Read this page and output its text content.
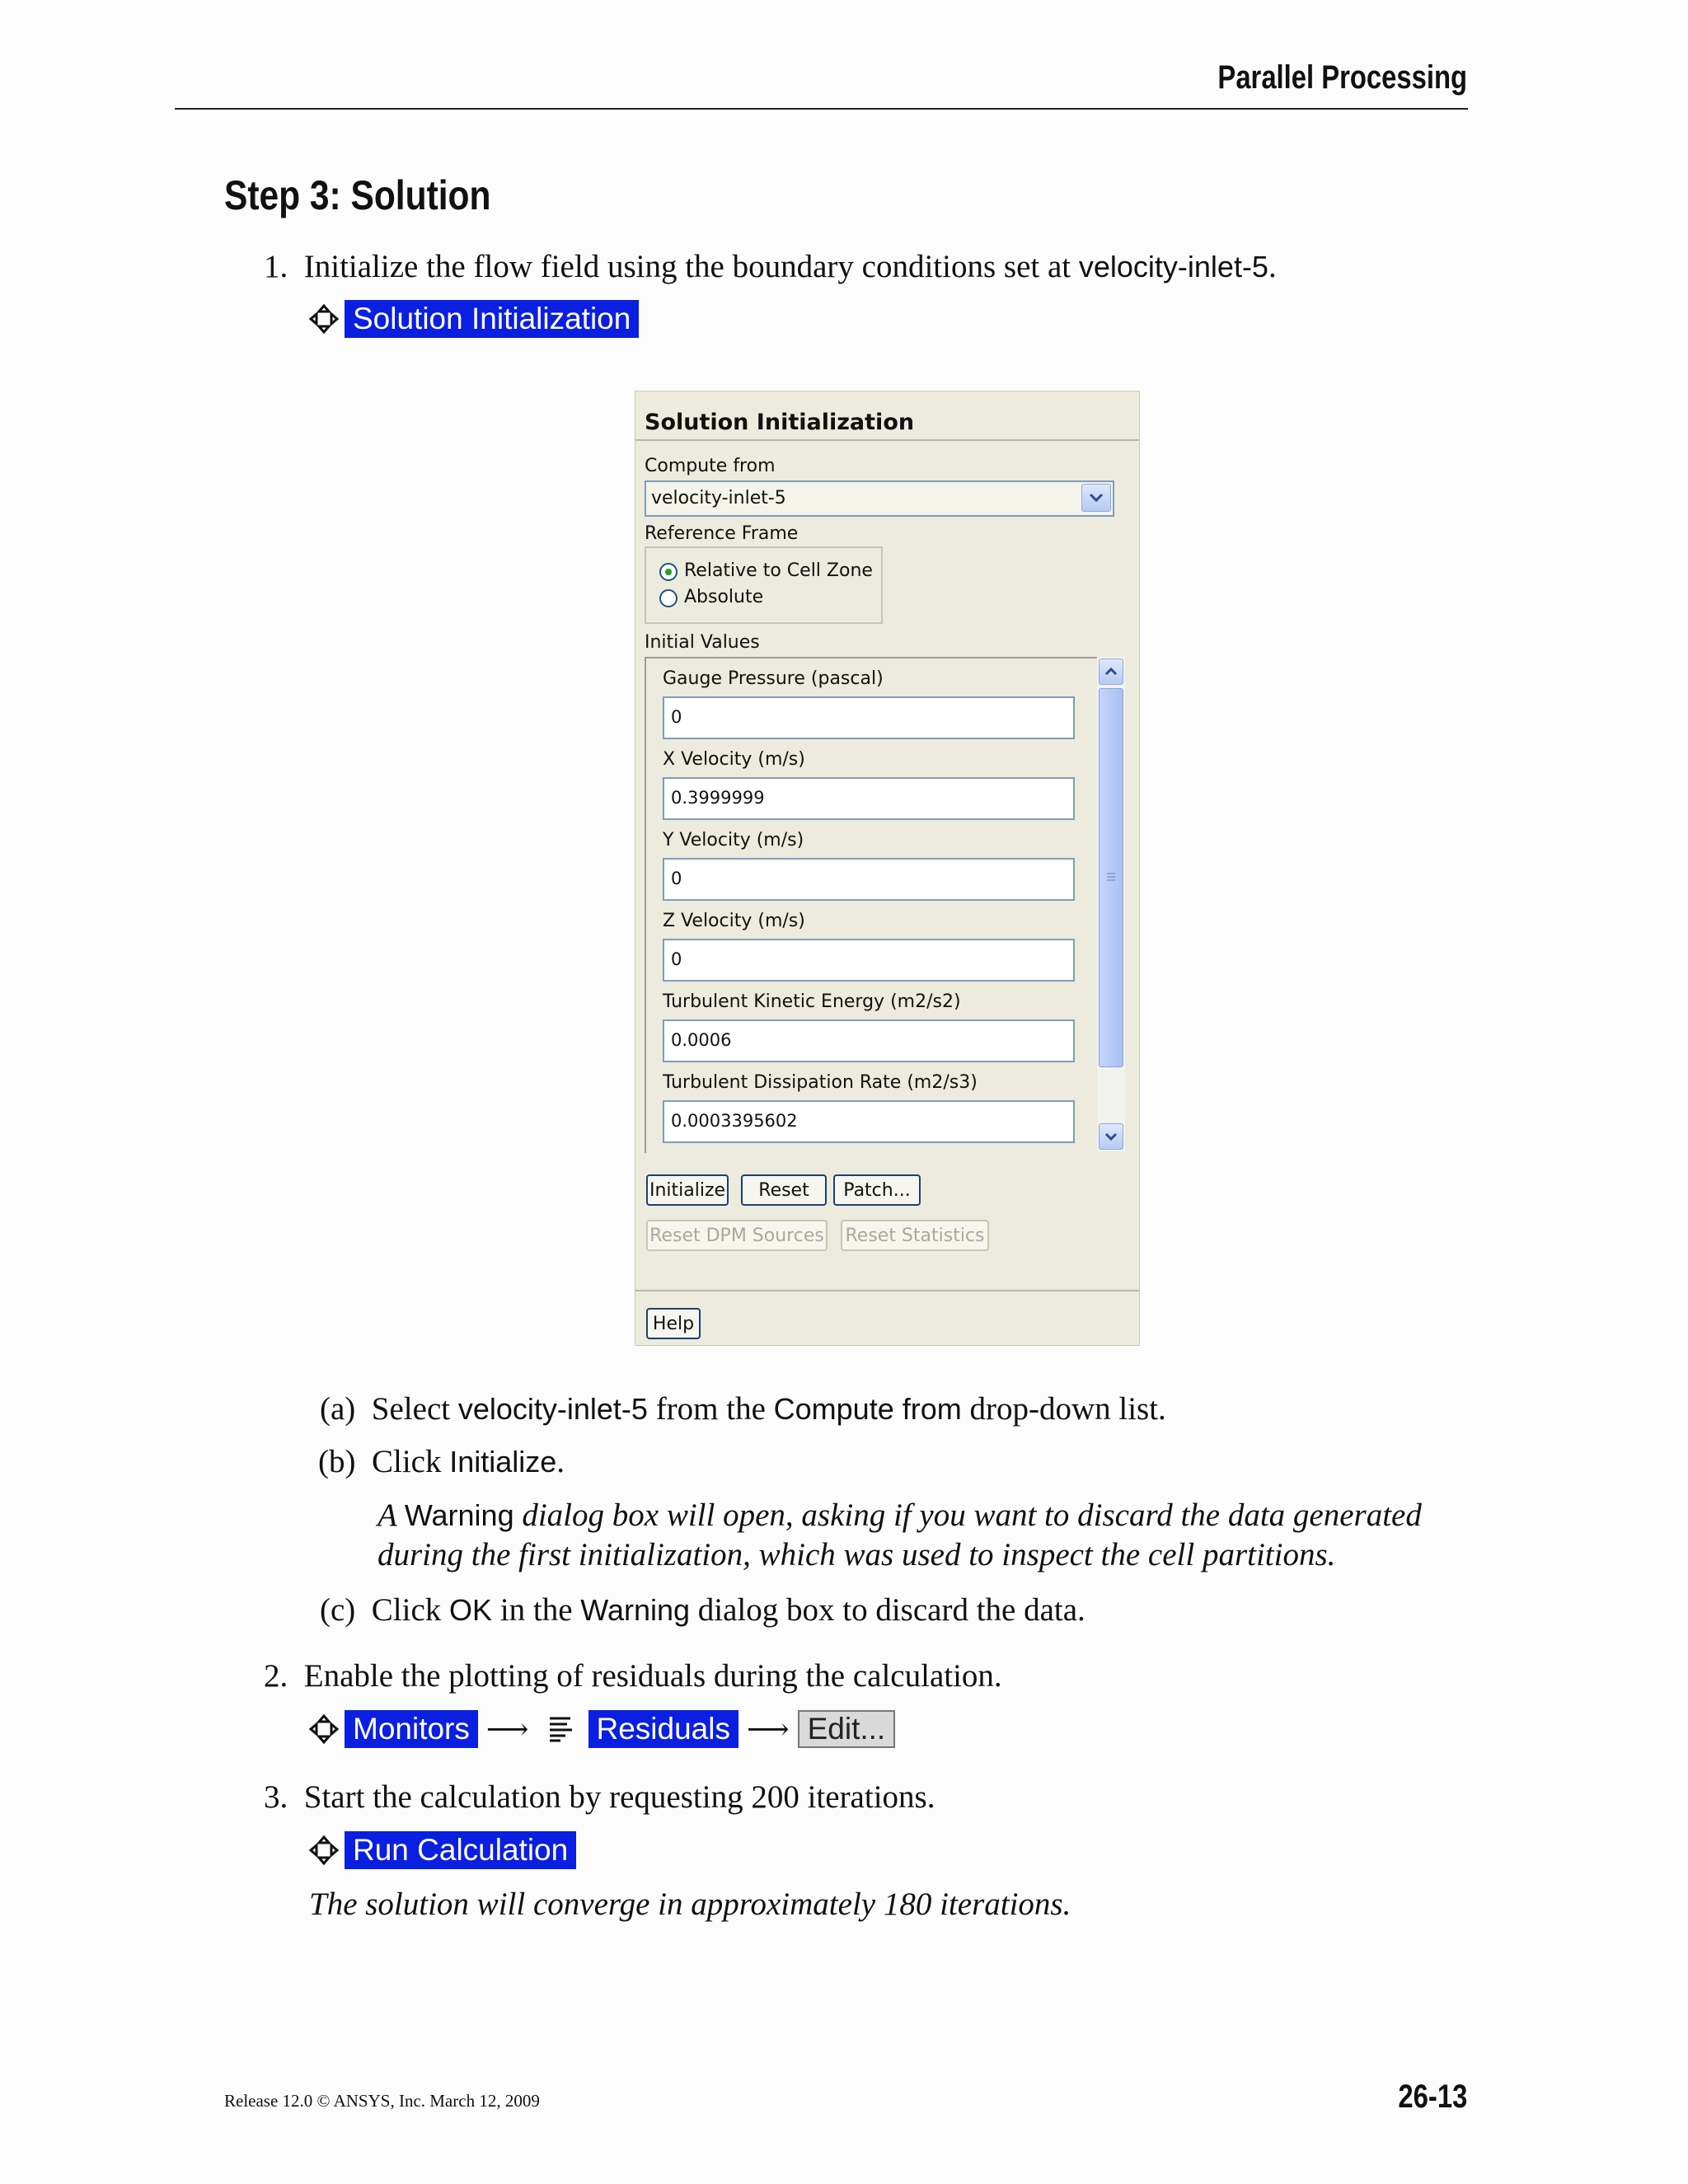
Parallel Processing
Step 3: Solution
1. Initialize the flow field using the boundary conditions set at velocity-inlet-5.
Solution Initialization
Solution Initialization
Compute from
velocity-inlet-5
Reference Frame
Relative to Cell Zone
Absolute
Initial Values
Gauge Pressure (pascal)
0
X Velocity (m/s)
0.3999999
Y Velocity (m/s)
0
Z Velocity (m/s)
0
Turbulent Kinetic Energy (m2/s2)
0.0006
Turbulent Dissipation Rate (m2/s3)
0.0003395602
Initialize	Reset	Patch...
Reset DPM Sources Reset Statistics
Help
(a) Select velocity-inlet-5 from the Compute from drop-down list.
(b) Click Initialize.
A Warning dialog box will open, asking if you want to discard the data generated
during the first initialization, which was used to inspect the cell partitions.
(c) Click OK in the Warning dialog box to discard the data.
2. Enable the plotting of residuals during the calculation.
Monitors ⟶ Residuals ⟶ Edit...
3. Start the calculation by requesting 200 iterations.
Run Calculation
The solution will converge in approximately 180 iterations.
Release 12.0 © ANSYS, Inc. March 12, 2009	26-13
